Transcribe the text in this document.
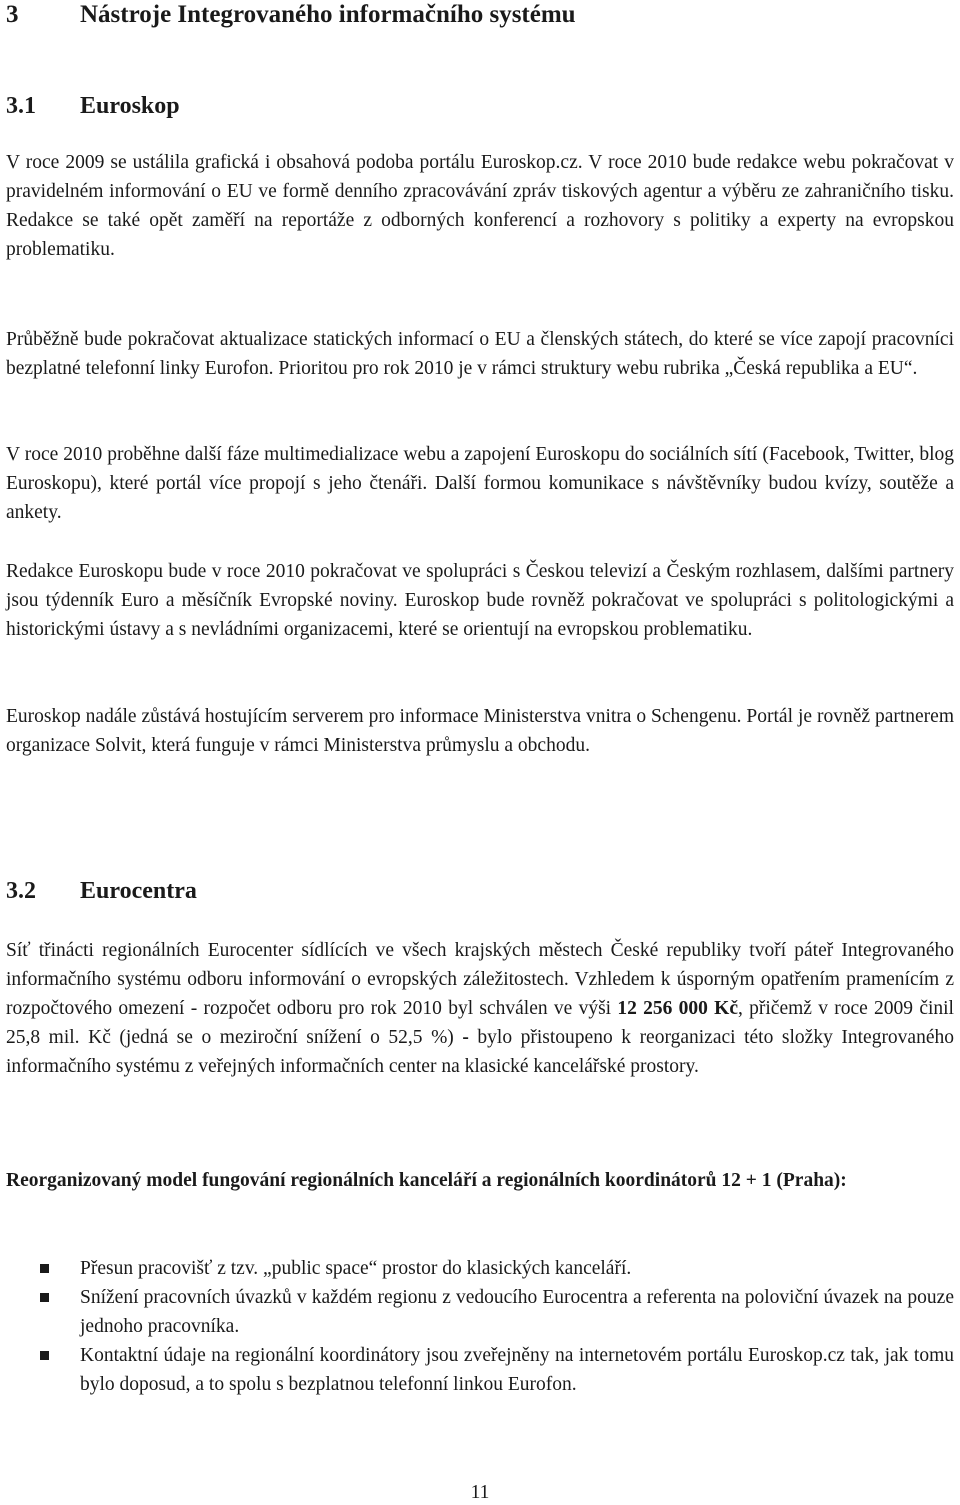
3 Nástroje Integrovaného informačního systému
3.1 Euroskop

V roce 2009 se ustálila grafická i obsahová podoba portálu Euroskop.cz. V roce 2010 bude redakce webu pokračovat v pravidelném informování o EU ve formě denního zpracovávání zpráv tiskových agentur a výběru ze zahraničního tisku. Redakce se také opět zaměří na reportáže z odborných konferencí a rozhovory s politiky a experty na evropskou problematiku.

Průběžně bude pokračovat aktualizace statických informací o EU a členských státech, do které se více zapojí pracovníci bezplatné telefonní linky Eurofon. Prioritou pro rok 2010 je v rámci struktury webu rubrika „Česká republika a EU“.

V roce 2010 proběhne další fáze multimedializace webu a zapojení Euroskopu do sociálních sítí (Facebook, Twitter, blog Euroskopu), které portál více propojí s jeho čtenáři. Další formou komunikace s návštěvníky budou kvízy, soutěže a ankety.

Redakce Euroskopu bude v roce 2010 pokračovat ve spolupráci s Českou televizí a Českým rozhlasem, dalšími partnery jsou týdenník Euro a měsíčník Evropské noviny. Euroskop bude rovněž pokračovat ve spolupráci s politologickými a historickými ústavy a s nevládními organizacemi, které se orientují na evropskou problematiku.

Euroskop nadále zůstává hostujícím serverem pro informace Ministerstva vnitra o Schengenu. Portál je rovněž partnerem organizace Solvit, která funguje v rámci Ministerstva průmyslu a obchodu.

3.2 Eurocentra

Síť třinácti regionálních Eurocenter sídlících ve všech krajských městech České republiky tvoří páteř Integrovaného informačního systému odboru informování o evropských záležitostech. Vzhledem k úsporným opatřením pramenícím z rozpočtového omezení - rozpočet odboru pro rok 2010 byl schválen ve výši 12 256 000 Kč, přičemž v roce 2009 činil 25,8 mil. Kč (jedná se o meziroční snížení o 52,5 %) - bylo přistoupeno k reorganizaci této složky Integrovaného informačního systému z veřejných informačních center na klasické kancelářské prostory.

Reorganizovaný model fungování regionálních kanceláří a regionálních koordinátorů 12 + 1 (Praha):

Přesun pracovišť z tzv. „public space“ prostor do klasických kanceláří.
Snížení pracovních úvazků v každém regionu z vedoucího Eurocentra a referenta na poloviční úvazek na pouze jednoho pracovníka.
Kontaktní údaje na regionální koordinátory jsou zveřejněny na internetovém portálu Euroskop.cz tak, jak tomu bylo doposud, a to spolu s bezplatnou telefonní linkou Eurofon.
11
